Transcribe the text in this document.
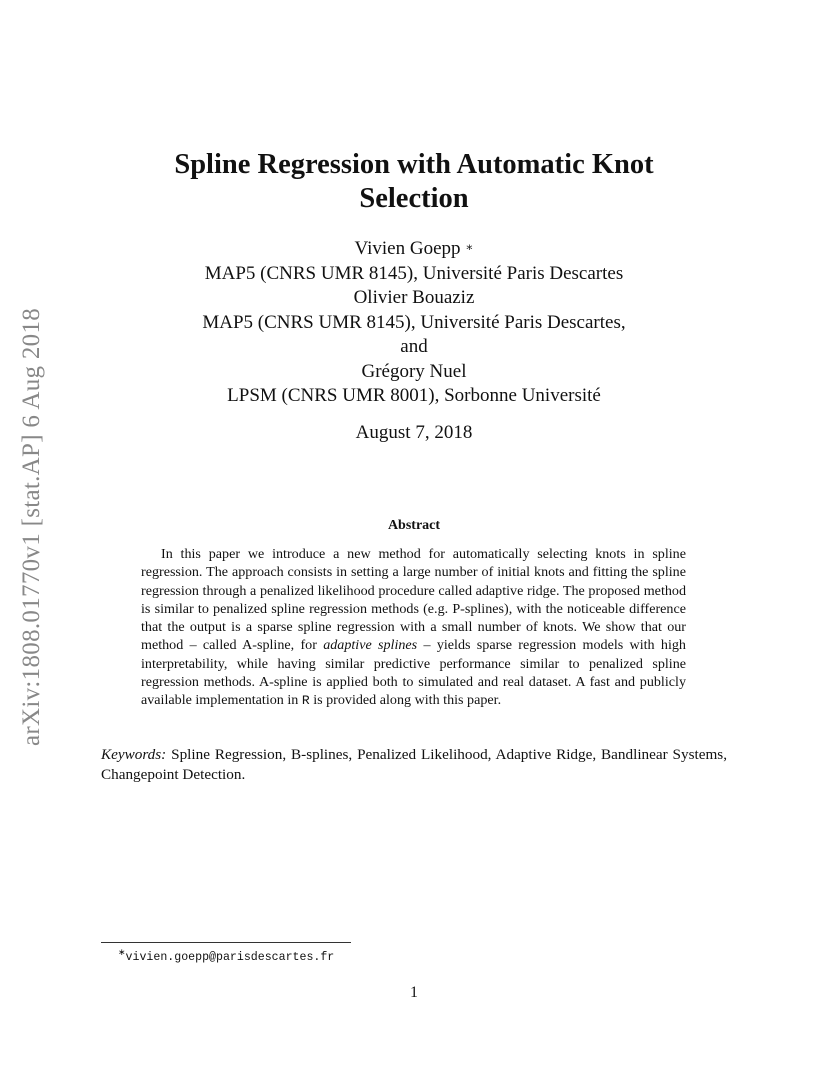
arXiv:1808.01770v1 [stat.AP] 6 Aug 2018
Spline Regression with Automatic Knot
Selection
Vivien Goepp ∗
MAP5 (CNRS UMR 8145), Université Paris Descartes
Olivier Bouaziz
MAP5 (CNRS UMR 8145), Université Paris Descartes,
and
Grégory Nuel
LPSM (CNRS UMR 8001), Sorbonne Université
August 7, 2018
Abstract
In this paper we introduce a new method for automatically selecting knots in spline regression. The approach consists in setting a large number of initial knots and fitting the spline regression through a penalized likelihood procedure called adaptive ridge. The proposed method is similar to penalized spline regression methods (e.g. P-splines), with the noticeable difference that the output is a sparse spline regression with a small number of knots. We show that our method – called A-spline, for adaptive splines – yields sparse regression models with high interpretability, while having similar predictive performance similar to penalized spline regression methods. A-spline is applied both to simulated and real dataset. A fast and publicly available implementation in R is provided along with this paper.
Keywords: Spline Regression, B-splines, Penalized Likelihood, Adaptive Ridge, Bandlinear Systems, Changepoint Detection.
∗vivien.goepp@parisdescartes.fr
1
